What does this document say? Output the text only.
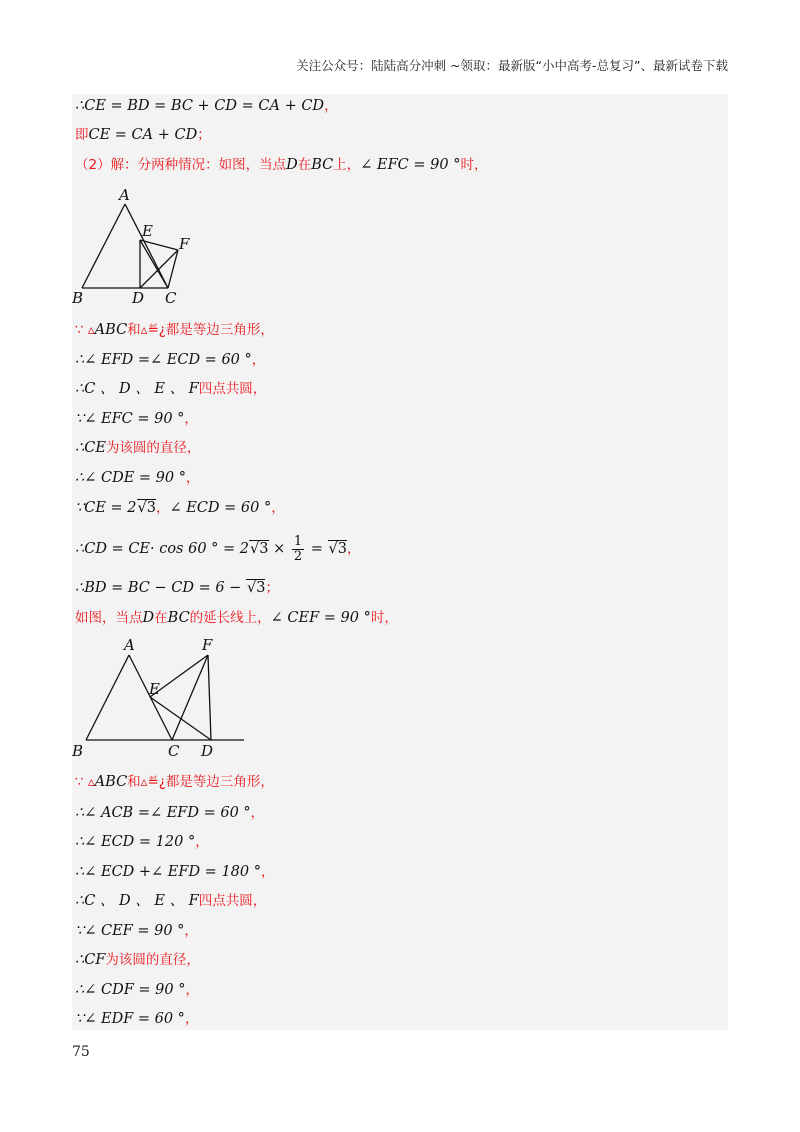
关注公众号：陆陆高分冲刺 ~领取：最新版“小中高考-总复习”、最新试卷下载
∴CE = BD = BC + CD = CA + CD，
即CE = CA + CD；
（2）解：分两种情况：如图，当点D在BC上，∠ EFC = 90 °时，
A
B	D C
E
F
∵ ▵ABC和▵≝¿都是等边三角形，
∴∠ EFD =∠ ECD = 60 °，
∴C 、 D 、 E 、 F四点共圆，
∵∠ EFC = 90 °，
∴CE为该圆的直径，
∴∠ CDE = 90 °，
∵CE = 2√3，∠ ECD = 60 °，
∴CD = CE· cos 60 ° = $2√3 \times \frac{1}{2} = √3$，
∴BD = BC − CD = 6 − √3；
如图，当点D在BC的延长线上，∠ CEF = 90 °时，
A
B	C D
E
F
∵ ▵ABC和▵≝¿都是等边三角形，
∴∠ ACB =∠ EFD = 60 °，
∴∠ ECD = 120 °，
∴∠ ECD +∠ EFD = 180 °，
∴C 、 D 、 E 、 F四点共圆，
∵∠ CEF = 90 °，
∴CF为该圆的直径，
∴∠ CDF = 90 °，
∵∠ EDF = 60 °，
75
